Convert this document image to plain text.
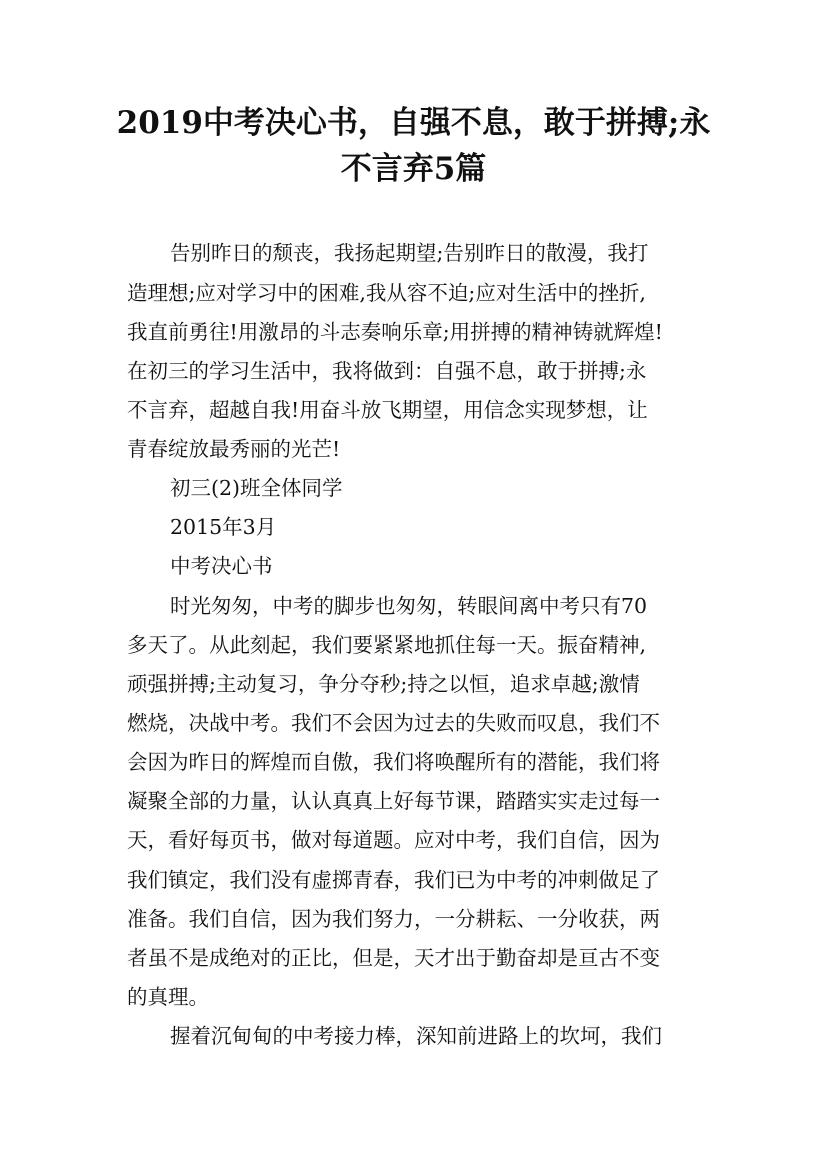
2019中考决心书，自强不息，敢于拼搏;永
不言弃5篇
告别昨日的颓丧，我扬起期望;告别昨日的散漫，我打
造理想;应对学习中的困难,我从容不迫;应对生活中的挫折,
我直前勇往!用激昂的斗志奏响乐章;用拼搏的精神铸就辉煌!
在初三的学习生活中，我将做到：自强不息，敢于拼搏;永
不言弃，超越自我!用奋斗放飞期望，用信念实现梦想，让
青春绽放最秀丽的光芒!
初三(2)班全体同学
2015年3月
中考决心书
时光匆匆，中考的脚步也匆匆，转眼间离中考只有70
多天了。从此刻起，我们要紧紧地抓住每一天。振奋精神,
顽强拼搏;主动复习，争分夺秒;持之以恒，追求卓越;激情
燃烧，决战中考。我们不会因为过去的失败而叹息，我们不
会因为昨日的辉煌而自傲，我们将唤醒所有的潜能，我们将
凝聚全部的力量，认认真真上好每节课，踏踏实实走过每一
天，看好每页书，做对每道题。应对中考，我们自信，因为
我们镇定，我们没有虚掷青春，我们已为中考的冲刺做足了
准备。我们自信，因为我们努力，一分耕耘、一分收获，两
者虽不是成绝对的正比，但是，天才出于勤奋却是亘古不变
的真理。
握着沉甸甸的中考接力棒，深知前进路上的坎坷，我们
